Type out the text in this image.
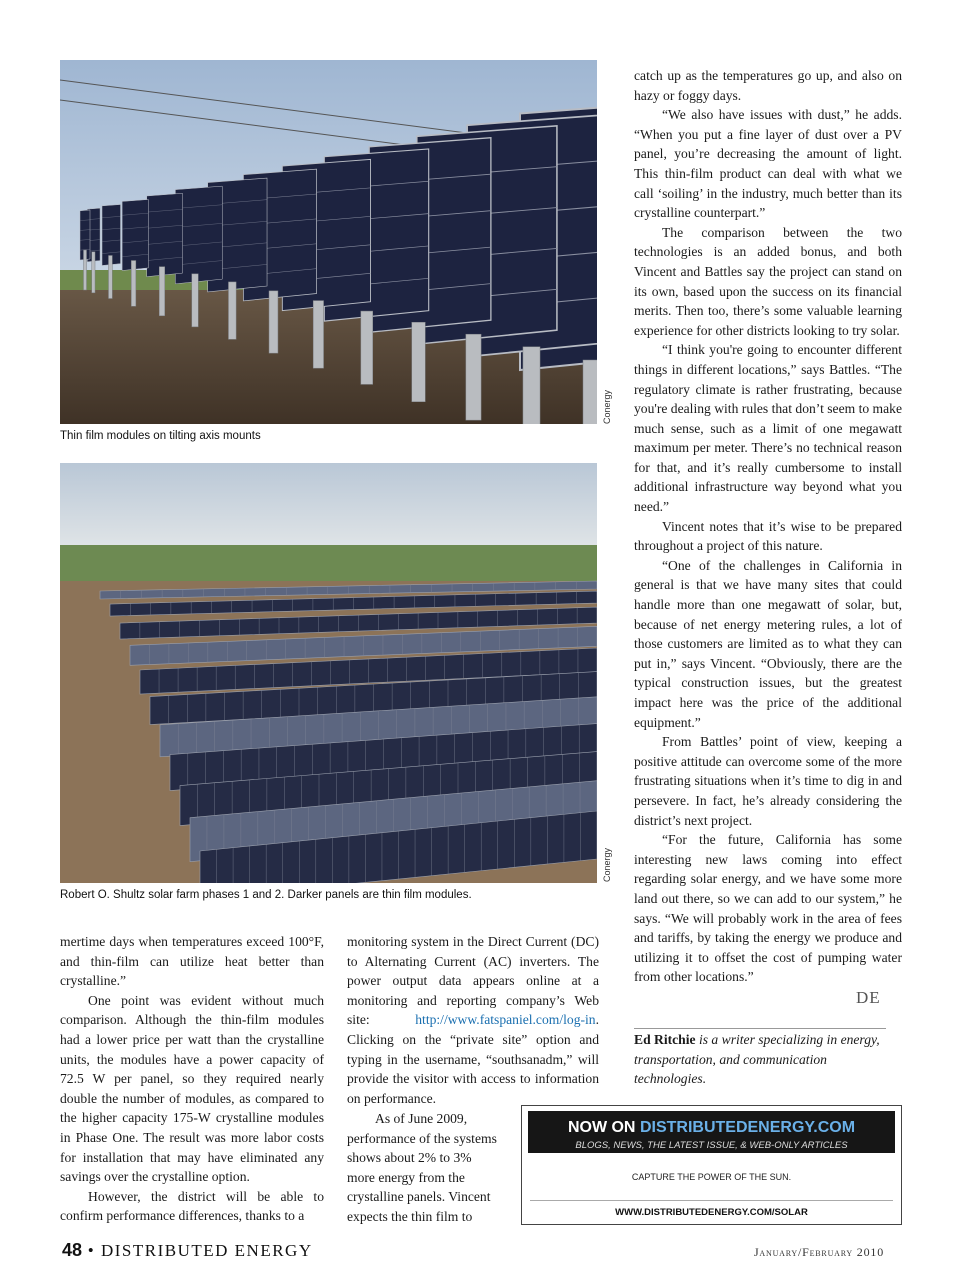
Conergy
Thin film modules on tilting axis mounts
Conergy
Robert O. Shultz solar farm phases 1 and 2. Darker panels are thin film modules.

mertime days when temperatures exceed 100°F, and thin-film can utilize heat better than crystalline.”

One point was evident without much comparison. Although the thin-film modules had a lower price per watt than the crystalline units, the modules have a power capacity of 72.5 W per panel, so they required nearly double the number of modules, as compared to the higher capacity 175-W crystalline modules in Phase One. The result was more labor costs for installation that may have eliminated any savings over the crystalline option.

However, the district will be able to confirm performance differences, thanks to a

monitoring system in the Direct Current (DC) to Alternating Current (AC) inverters. The power output data appears online at a monitoring and reporting company’s Web site: http://www.fatspaniel.com/log-in. Clicking on the “private site” option and typing in the username, “southsanadm,” will provide the visitor with access to information on performance.

As of June 2009, performance of the systems shows about 2% to 3% more energy from the crystalline panels. Vincent expects the thin film to

catch up as the temperatures go up, and also on hazy or foggy days.

“We also have issues with dust,” he adds. “When you put a fine layer of dust over a PV panel, you’re decreasing the amount of light. This thin-film product can deal with what we call ‘soiling’ in the industry, much better than its crystalline counterpart.”

The comparison between the two technologies is an added bonus, and both Vincent and Battles say the project can stand on its own, based upon the success on its financial merits. Then too, there’s some valuable learning experience for other districts looking to try solar.

“I think you're going to encounter different things in different locations,” says Battles. “The regulatory climate is rather frustrating, because you're dealing with rules that don’t seem to make much sense, such as a limit of one megawatt maximum per meter. There’s no technical reason for that, and it’s really cumbersome to install additional infrastructure way beyond what you need.”

Vincent notes that it’s wise to be prepared throughout a project of this nature.

“One of the challenges in California in general is that we have many sites that could handle more than one megawatt of solar, but, because of net energy metering rules, a lot of those customers are limited as to what they can put in,” says Vincent. “Obviously, there are the typical construction issues, but the greatest impact here was the price of the additional equipment.”

From Battles’ point of view, keeping a positive attitude can overcome some of the more frustrating situations when it’s time to dig in and persevere. In fact, he’s already considering the district’s next project.

“For the future, California has some interesting new laws coming into effect regarding solar energy, and we have some more land out there, so we can add to our system,” he says. “We will probably work in the area of fees and tariffs, by taking the energy we produce and utilizing it to offset the cost of pumping water from other locations.”

DE
Ed Ritchie is a writer specializing in energy, transportation, and communication technologies.
NOW ON DISTRIBUTEDENERGY.COM
BLOGS, NEWS, THE LATEST ISSUE, & WEB-ONLY ARTICLES
CAPTURE THE POWER OF THE SUN.
WWW.DISTRIBUTEDENERGY.COM/SOLAR
48 • DISTRIBUTED ENERGY	January/February 2010
